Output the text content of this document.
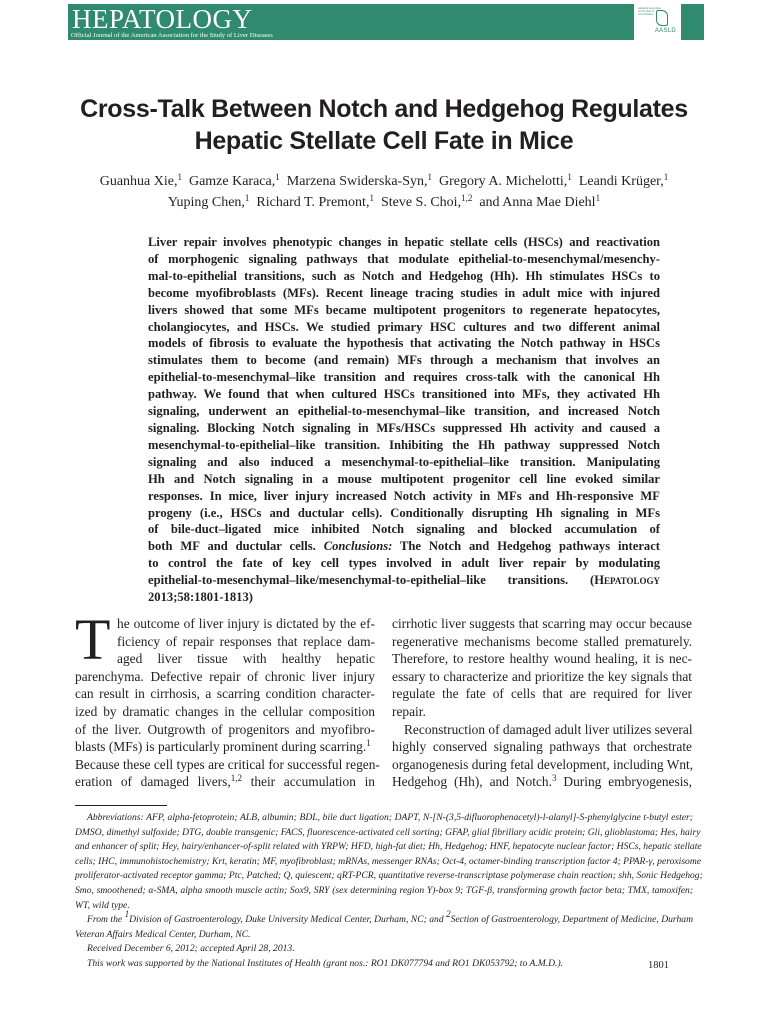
HEPATOLOGY
Official Journal of the American Association for the Study of Liver Diseases
American Association
for the Study of
Liver Diseases
AASLD
Cross-Talk Between Notch and Hedgehog Regulates
Hepatic Stellate Cell Fate in Mice
Guanhua Xie,$^1$ Gamze Karaca,$^1$ Marzena Swiderska-Syn,$^1$ Gregory A. Michelotti,$^1$ Leandi Krüger,$^1$
Yuping Chen,$^1$ Richard T. Premont,$^1$ Steve S. Choi,$^{1,2}$ and Anna Mae Diehl$^1$
Liver repair involves phenotypic changes in hepatic stellate cells (HSCs) and reactivation
of morphogenic signaling pathways that modulate epithelial-to-mesenchymal/mesenchy-
mal-to-epithelial transitions, such as Notch and Hedgehog (Hh). Hh stimulates HSCs to
become myofibroblasts (MFs). Recent lineage tracing studies in adult mice with injured
livers showed that some MFs became multipotent progenitors to regenerate hepatocytes,
cholangiocytes, and HSCs. We studied primary HSC cultures and two different animal
models of fibrosis to evaluate the hypothesis that activating the Notch pathway in HSCs
stimulates them to become (and remain) MFs through a mechanism that involves an
epithelial-to-mesenchymal–like transition and requires cross-talk with the canonical Hh
pathway. We found that when cultured HSCs transitioned into MFs, they activated Hh
signaling, underwent an epithelial-to-mesenchymal–like transition, and increased Notch
signaling. Blocking Notch signaling in MFs/HSCs suppressed Hh activity and caused a
mesenchymal-to-epithelial–like transition. Inhibiting the Hh pathway suppressed Notch
signaling and also induced a mesenchymal-to-epithelial–like transition. Manipulating
Hh and Notch signaling in a mouse multipotent progenitor cell line evoked similar
responses. In mice, liver injury increased Notch activity in MFs and Hh-responsive MF
progeny (i.e., HSCs and ductular cells). Conditionally disrupting Hh signaling in MFs
of bile-duct–ligated mice inhibited Notch signaling and blocked accumulation of
both MF and ductular cells. Conclusions: The Notch and Hedgehog pathways interact
to control the fate of key cell types involved in adult liver repair by modulating
epithelial-to-mesenchymal–like/mesenchymal-to-epithelial–like transitions. (Hepatology
2013;58:1801-1813)
T he outcome of liver injury is dictated by the ef-
ficiency of repair responses that replace dam-
aged liver tissue with healthy hepatic
parenchyma. Defective repair of chronic liver injury
can result in cirrhosis, a scarring condition character-
ized by dramatic changes in the cellular composition
of the liver. Outgrowth of progenitors and myofibro-
blasts (MFs) is particularly prominent during scarring.$^1$
Because these cell types are critical for successful regen-
eration of damaged livers,$^{1,2}$ their accumulation in
cirrhotic liver suggests that scarring may occur because
regenerative mechanisms become stalled prematurely.
Therefore, to restore healthy wound healing, it is nec-
essary to characterize and prioritize the key signals that
regulate the fate of cells that are required for liver
repair.
Reconstruction of damaged adult liver utilizes several
highly conserved signaling pathways that orchestrate
organogenesis during fetal development, including Wnt,
Hedgehog (Hh), and Notch.$^3$ During embryogenesis,
Abbreviations: AFP, alpha-fetoprotein; ALB, albumin; BDL, bile duct ligation; DAPT, N-[N-(3,5-difluorophenacetyl)-l-alanyl]-S-phenylglycine t-butyl ester;
DMSO, dimethyl sulfoxide; DTG, double transgenic; FACS, fluorescence-activated cell sorting; GFAP, glial fibrillary acidic protein; Gli, glioblastoma; Hes, hairy
and enhancer of split; Hey, hairy/enhancer-of-split related with YRPW; HFD, high-fat diet; Hh, Hedgehog; HNF, hepatocyte nuclear factor; HSCs, hepatic stellate
cells; IHC, immunohistochemistry; Krt, keratin; MF, myofibroblast; mRNAs, messenger RNAs; Oct-4, octamer-binding transcription factor 4; PPAR-γ, peroxisome
proliferator-activated receptor gamma; Ptc, Patched; Q, quiescent; qRT-PCR, quantitative reverse-transcriptase polymerase chain reaction; shh, Sonic Hedgehog;
Smo, smoothened; α-SMA, alpha smooth muscle actin; Sox9, SRY (sex determining region Y)-box 9; TGF-β, transforming growth factor beta; TMX, tamoxifen;
WT, wild type.
From the $^1$Division of Gastroenterology, Duke University Medical Center, Durham, NC; and $^2$Section of Gastroenterology, Department of Medicine, Durham
Veteran Affairs Medical Center, Durham, NC.
Received December 6, 2012; accepted April 28, 2013.
This work was supported by the National Institutes of Health (grant nos.: RO1 DK077794 and RO1 DK053792; to A.M.D.).	1801
